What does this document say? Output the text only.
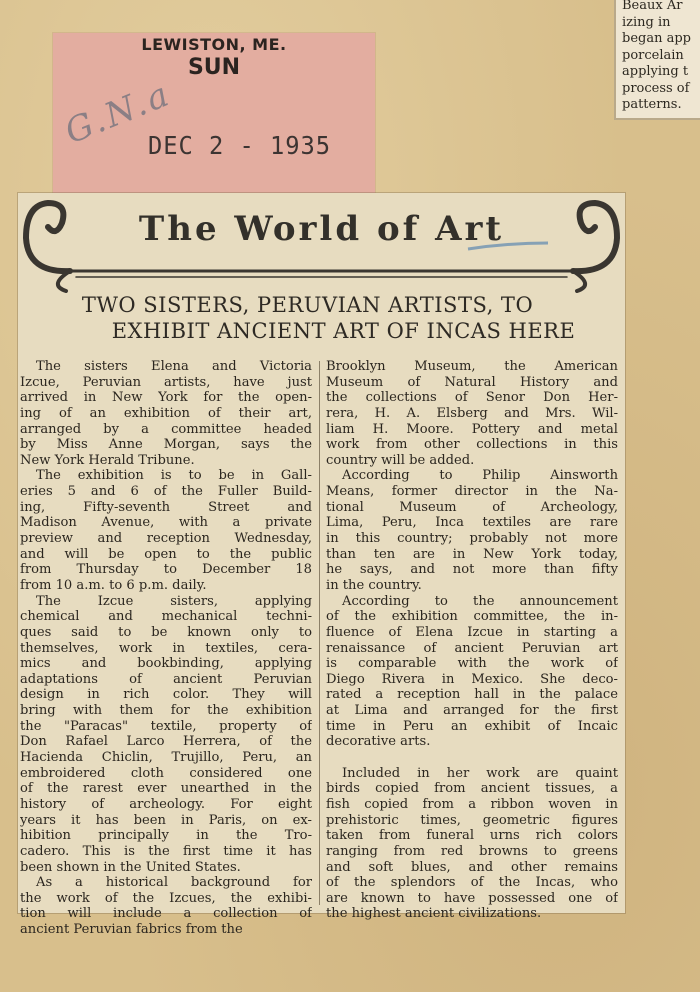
Beaux Ar
izing in
began app
porcelain
applying t
process of
patterns.
LEWISTON, ME.
SUN
G.N.a
DEC 2 - 1935
The World of Art
TWO SISTERS, PERUVIAN ARTISTS, TO
EXHIBIT ANCIENT ART OF INCAS HERE
The sisters Elena and Victoria
Izcue, Peruvian artists, have just
arrived in New York for the open-
ing of an exhibition of their art,
arranged by a committee headed
by Miss Anne Morgan, says the
New York Herald Tribune.
The exhibition is to be in Gall-
eries 5 and 6 of the Fuller Build-
ing, Fifty-seventh Street and
Madison Avenue, with a private
preview and reception Wednesday,
and will be open to the public
from Thursday to December 18
from 10 a.m. to 6 p.m. daily.
The Izcue sisters, applying
chemical and mechanical techni-
ques said to be known only to
themselves, work in textiles, cera-
mics and bookbinding, applying
adaptations of ancient Peruvian
design in rich color. They will
bring with them for the exhibition
the "Paracas" textile, property of
Don Rafael Larco Herrera, of the
Hacienda Chiclin, Trujillo, Peru, an
embroidered cloth considered one
of the rarest ever unearthed in the
history of archeology. For eight
years it has been in Paris, on ex-
hibition principally in the Tro-
cadero. This is the first time it has
been shown in the United States.
As a historical background for
the work of the Izcues, the exhibi-
tion will include a collection of
ancient Peruvian fabrics from the
Brooklyn Museum, the American
Museum of Natural History and
the collections of Senor Don Her-
rera, H. A. Elsberg and Mrs. Wil-
liam H. Moore. Pottery and metal
work from other collections in this
country will be added.
According to Philip Ainsworth
Means, former director in the Na-
tional Museum of Archeology,
Lima, Peru, Inca textiles are rare
in this country; probably not more
than ten are in New York today,
he says, and not more than fifty
in the country.
According to the announcement
of the exhibition committee, the in-
fluence of Elena Izcue in starting a
renaissance of ancient Peruvian art
is comparable with the work of
Diego Rivera in Mexico. She deco-
rated a reception hall in the palace
at Lima and arranged for the first
time in Peru an exhibit of Incaic
decorative arts.
Included in her work are quaint
birds copied from ancient tissues, a
fish copied from a ribbon woven in
prehistoric times, geometric figures
taken from funeral urns rich colors
ranging from red browns to greens
and soft blues, and other remains
of the splendors of the Incas, who
are known to have possessed one of
the highest ancient civilizations.
